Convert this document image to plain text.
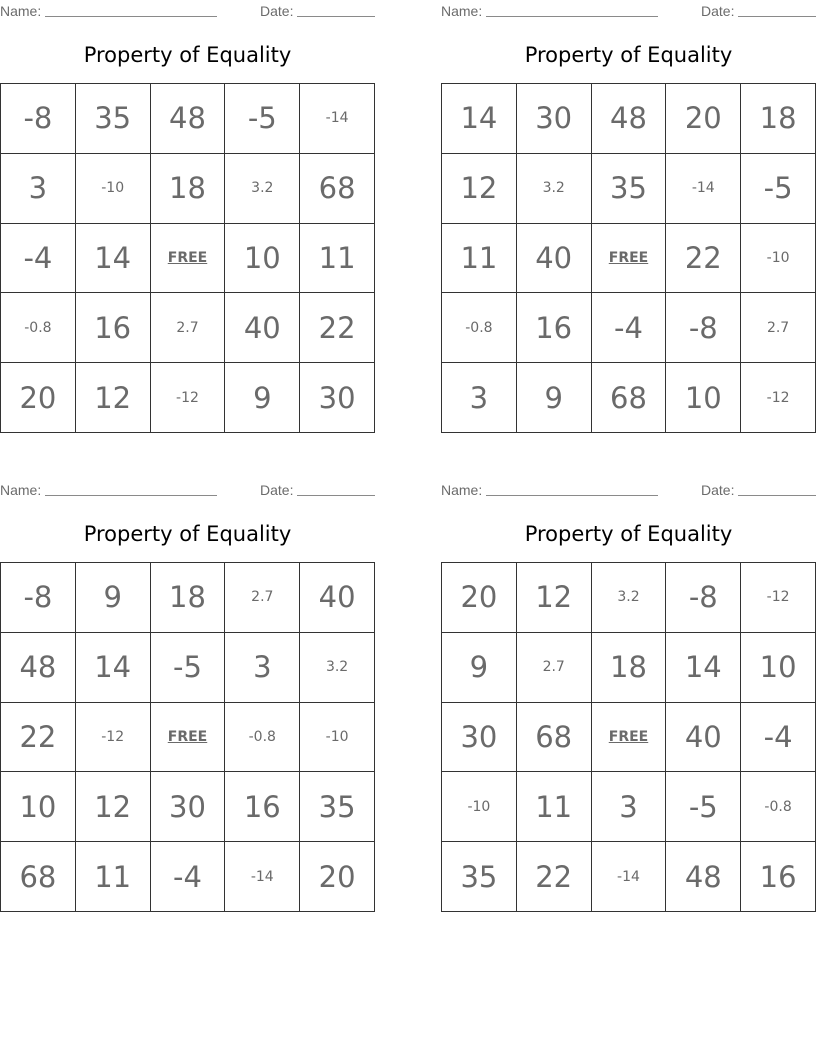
Name:	Date:
Property of Equality
-8	35	48	-5	-14
3	-10	18	3.2	68
-4	14	FREE	10	11
-0.8	16	2.7	40	22
20	12	-12	9	30
Name:	Date:
Property of Equality
14	30	48	20	18
12	3.2	35	-14	-5
11	40	FREE	22	-10
-0.8	16	-4	-8	2.7
3	9	68	10	-12
Name:	Date:
Property of Equality
-8	9	18	2.7	40
48	14	-5	3	3.2
22	-12	FREE	-0.8	-10
10	12	30	16	35
68	11	-4	-14	20
Name:	Date:
Property of Equality
20	12	3.2	-8	-12
9	2.7	18	14	10
30	68	FREE	40	-4
-10	11	3	-5	-0.8
35	22	-14	48	16
